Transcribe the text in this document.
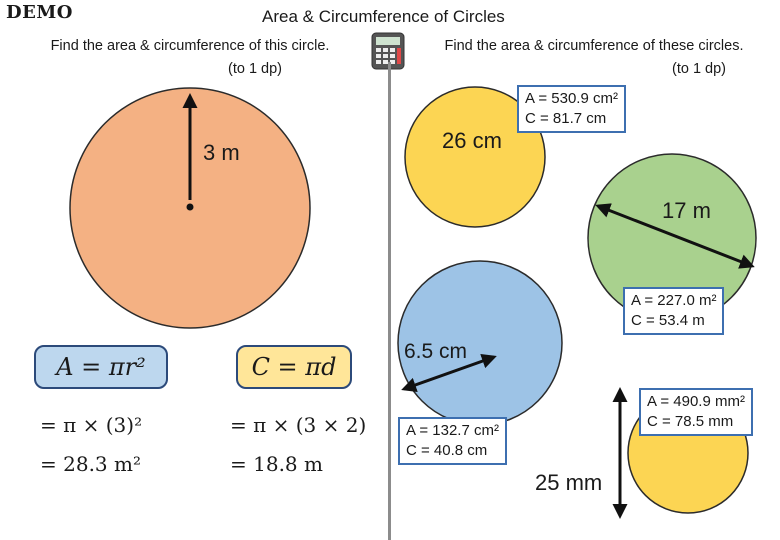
DEMO	Area & Circumference of Circles
Find the area & circumference of this circle.
(to 1 dp)
Find the area & circumference of these circles.
(to 1 dp)
3 m
A = πr²	C = πd
= π × (3)²
= 28.3 m²
= π × (3 × 2)
= 18.8 m
26 cm
17 m
6.5 cm
25 mm
A = 530.9 cm²
C = 81.7 cm
A = 227.0 m²
C = 53.4 m
A = 132.7 cm²
C = 40.8 cm
A = 490.9 mm²
C = 78.5 mm
